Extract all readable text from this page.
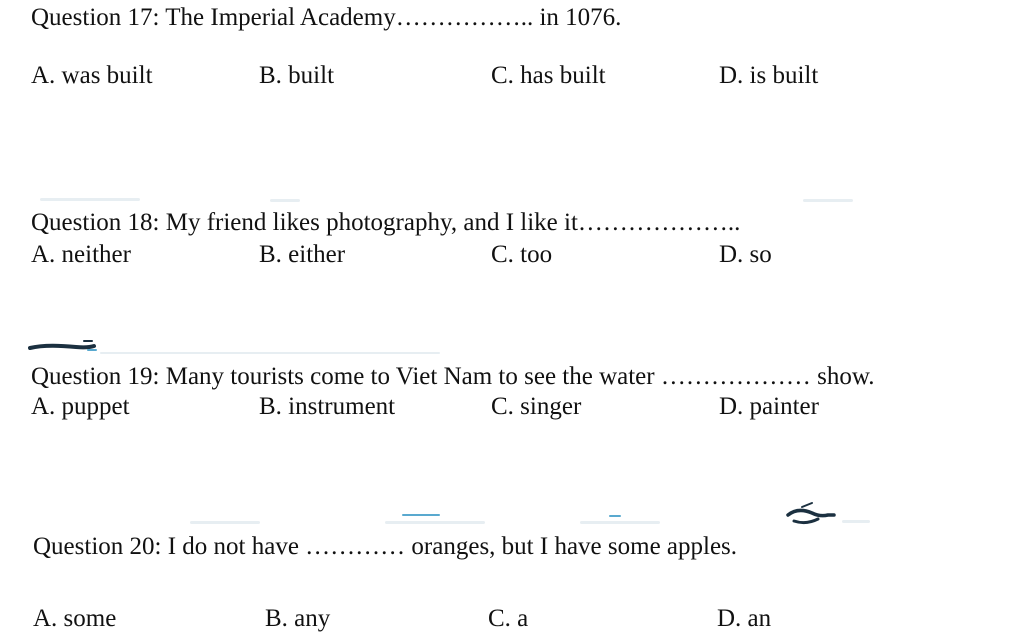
Question 17: The Imperial Academy…………….. in 1076.
A. was built	B. built	C. has built	D. is built
Question 18: My friend likes photography, and I like it………………..
A. neither	B. either	C. too	D. so
Question 19: Many tourists come to Viet Nam to see the water ……………… show.
A. puppet	B. instrument	C. singer	D. painter
Question 20: I do not have ………… oranges, but I have some apples.
A. some	B. any	C. a	D. an
